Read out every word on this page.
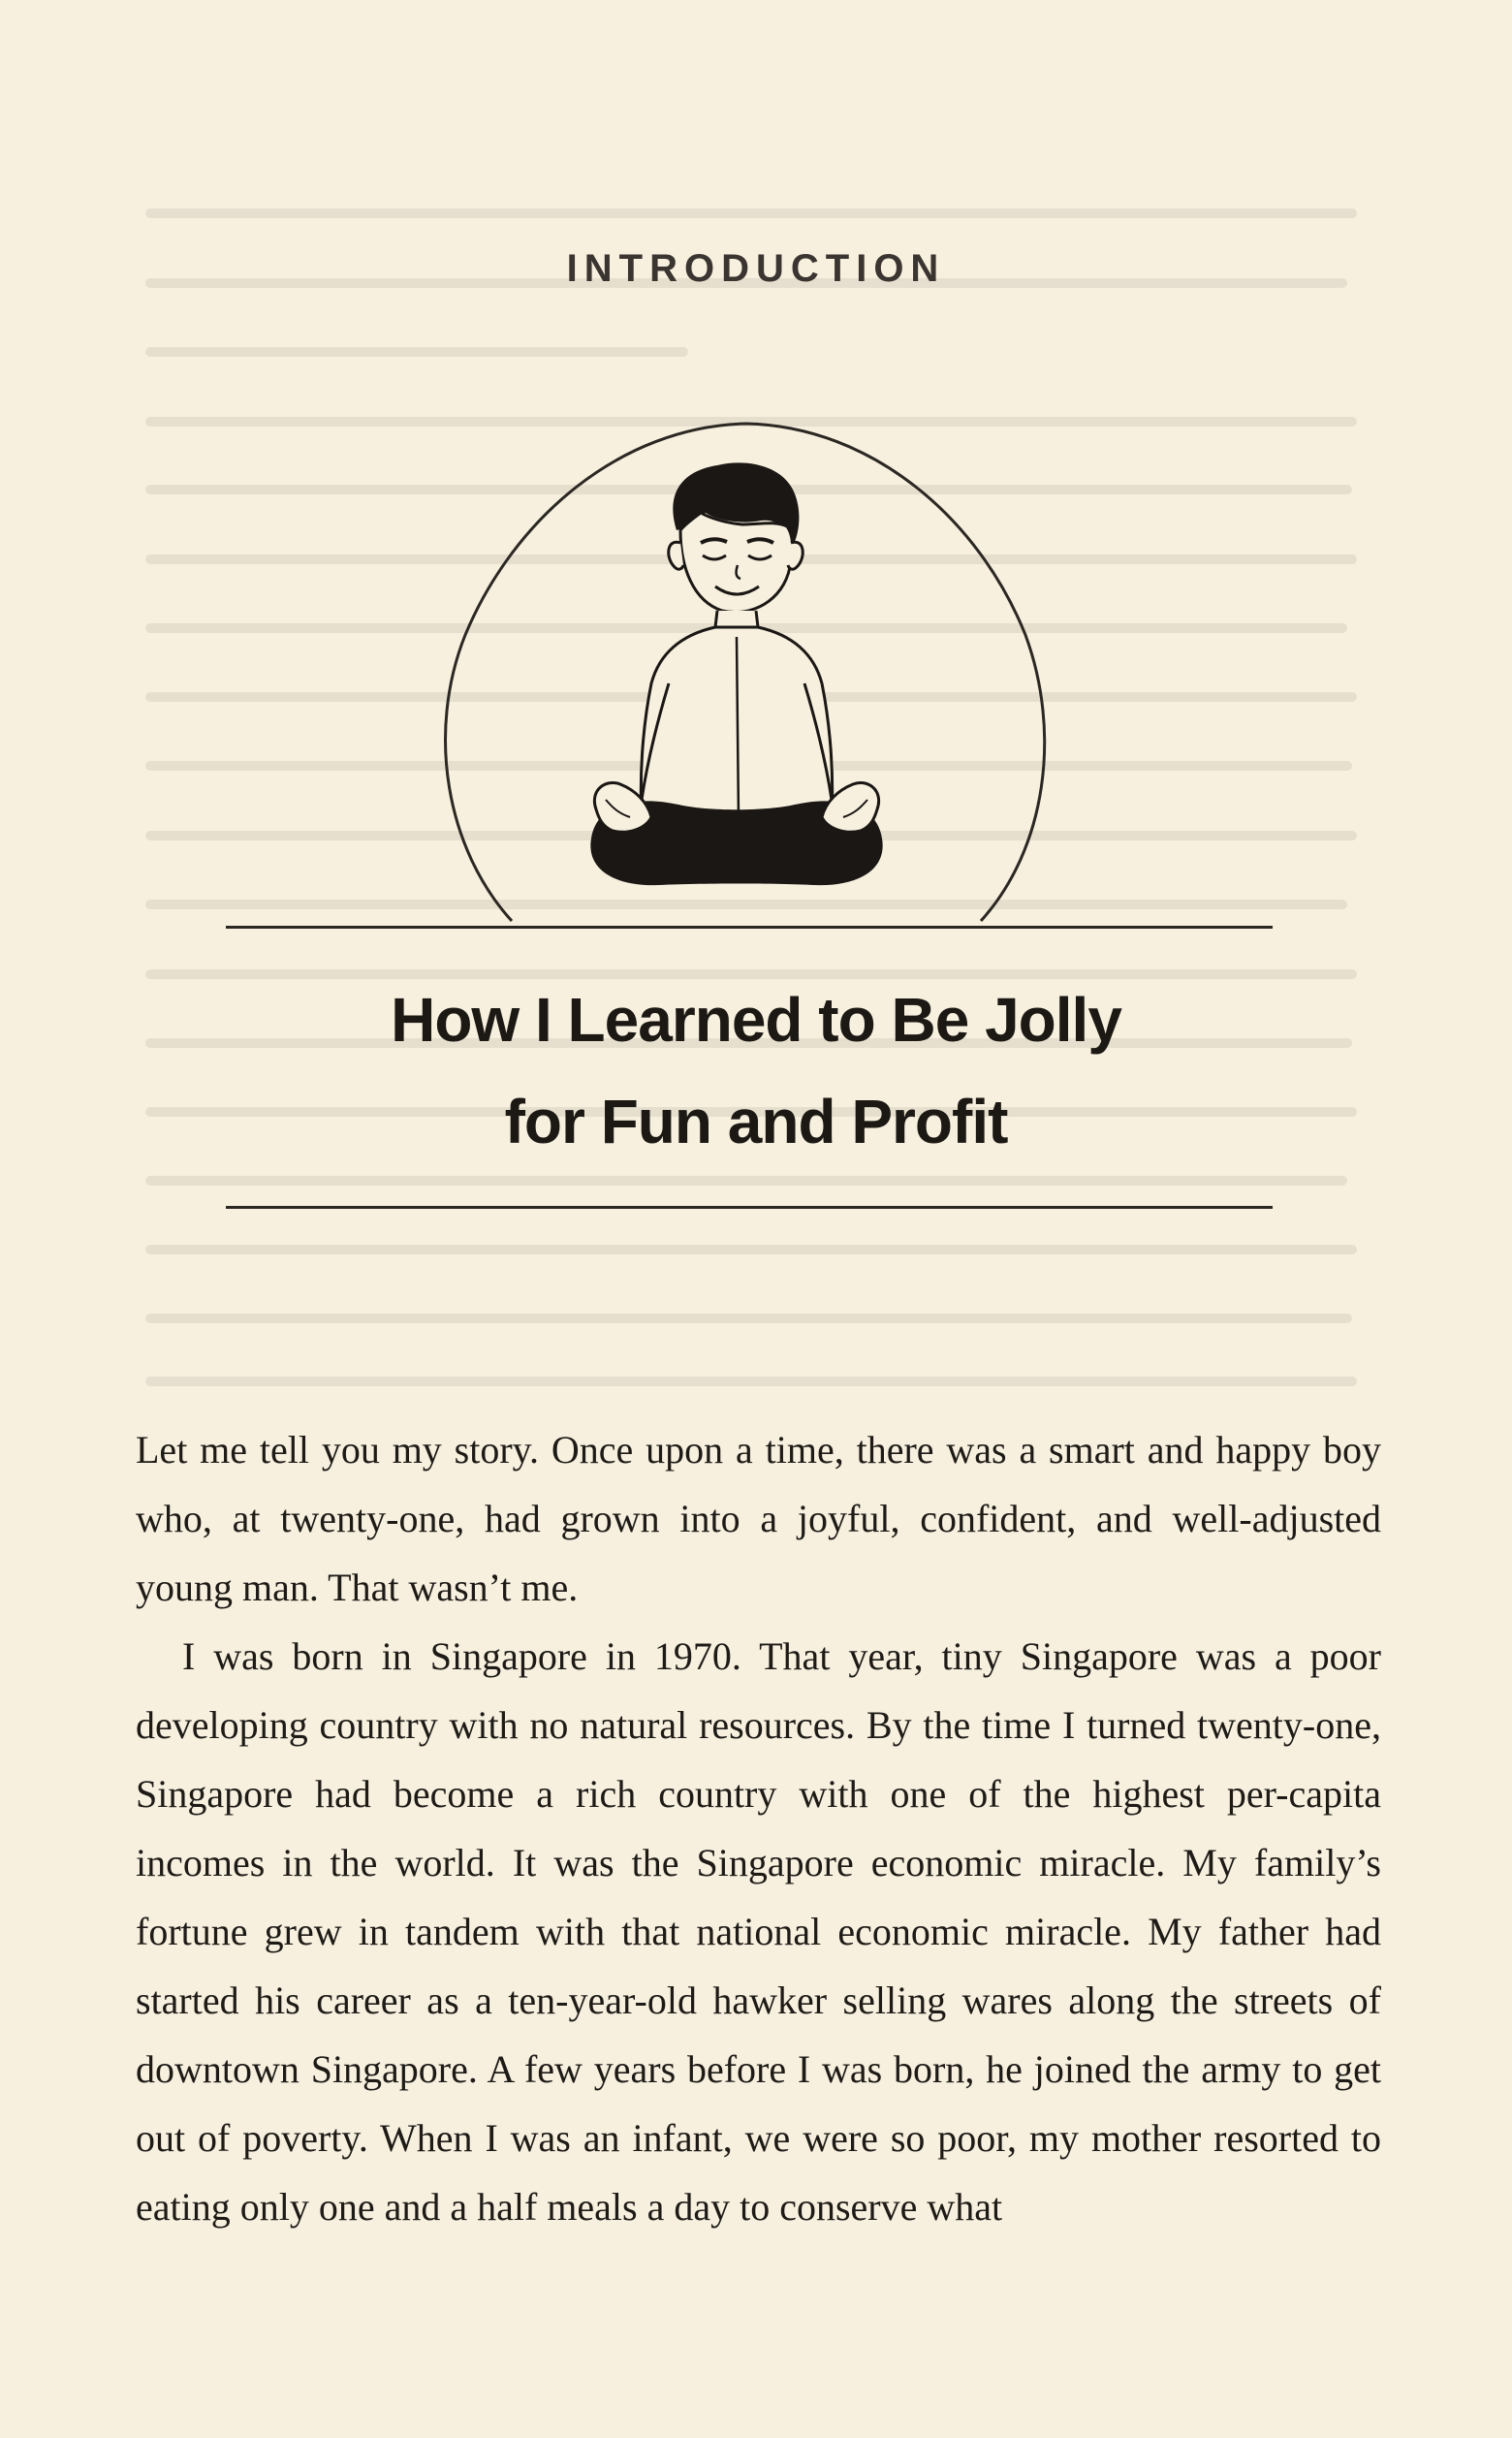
INTRODUCTION
How I Learned to Be Jolly
for Fun and Profit

Let me tell you my story. Once upon a time, there was a smart and happy boy who, at twenty-one, had grown into a joyful, confident, and well-adjusted young man. That wasn’t me.

I was born in Singapore in 1970. That year, tiny Singapore was a poor developing country with no natural resources. By the time I turned twenty-one, Singapore had become a rich country with one of the highest per-capita incomes in the world. It was the Singapore economic miracle. My family’s fortune grew in tandem with that national economic miracle. My father had started his career as a ten-year-old hawker selling wares along the streets of downtown Singapore. A few years before I was born, he joined the army to get out of poverty. When I was an infant, we were so poor, my mother resorted to eating only one and a half meals a day to conserve what
